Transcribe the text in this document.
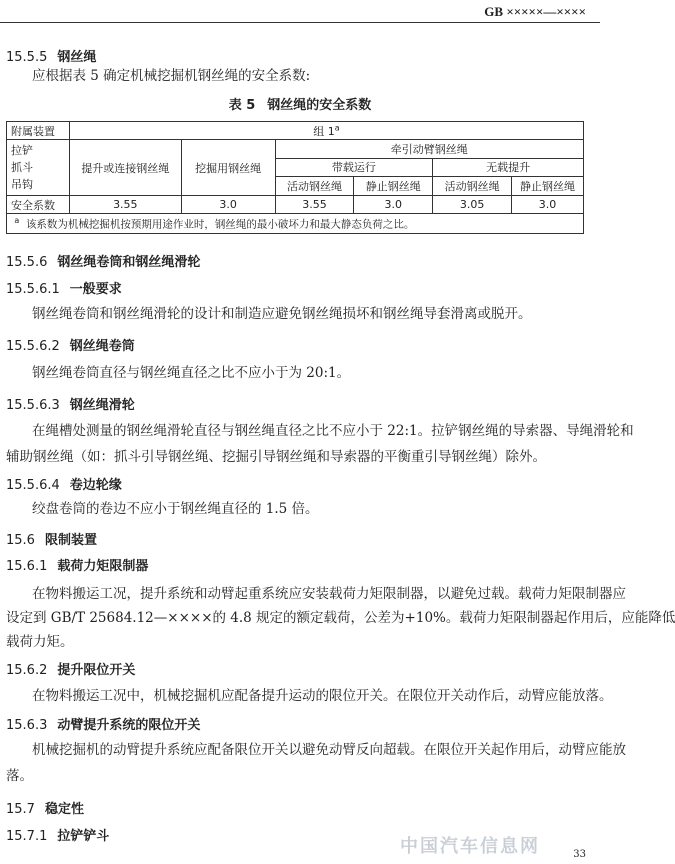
GB ×××××—××××
15.5.5 钢丝绳
应根据表 5 确定机械挖掘机钢丝绳的安全系数:
表 5 钢丝绳的安全系数
附属装置	组 1$^a$

拉铲
抓斗
吊钩	提升或连接钢丝绳	挖掘用钢丝绳	牵引动臂钢丝绳			
			带载运行		无载提升	
			活动钢丝绳	静止钢丝绳	活动钢丝绳	静止钢丝绳
安全系数	3.55	3.0	3.55	3.0	3.05	3.0
$^a$ 该系数为机械挖掘机按预期用途作业时，钢丝绳的最小破坏力和最大静态负荷之比。						
15.5.6 钢丝绳卷筒和钢丝绳滑轮
15.5.6.1 一般要求
钢丝绳卷筒和钢丝绳滑轮的设计和制造应避免钢丝绳损坏和钢丝绳导套滑离或脱开。
15.5.6.2 钢丝绳卷筒
钢丝绳卷筒直径与钢丝绳直径之比不应小于为 20:1。
15.5.6.3 钢丝绳滑轮
在绳槽处测量的钢丝绳滑轮直径与钢丝绳直径之比不应小于 22:1。拉铲钢丝绳的导索器、导绳滑轮和
辅助钢丝绳（如：抓斗引导钢丝绳、挖掘引导钢丝绳和导索器的平衡重引导钢丝绳）除外。
15.5.6.4 卷边轮缘
绞盘卷筒的卷边不应小于钢丝绳直径的 1.5 倍。
15.6 限制装置
15.6.1 载荷力矩限制器
在物料搬运工况，提升系统和动臂起重系统应安装载荷力矩限制器，以避免过载。载荷力矩限制器应
设定到 GB/T 25684.12—××××的 4.8 规定的额定载荷，公差为+10%。载荷力矩限制器起作用后，应能降低
载荷力矩。
15.6.2 提升限位开关
在物料搬运工况中，机械挖掘机应配备提升运动的限位开关。在限位开关动作后，动臂应能放落。
15.6.3 动臂提升系统的限位开关
机械挖掘机的动臂提升系统应配备限位开关以避免动臂反向超载。在限位开关起作用后，动臂应能放
落。
15.7 稳定性
15.7.1 拉铲铲斗	中国汽车信息网	33
